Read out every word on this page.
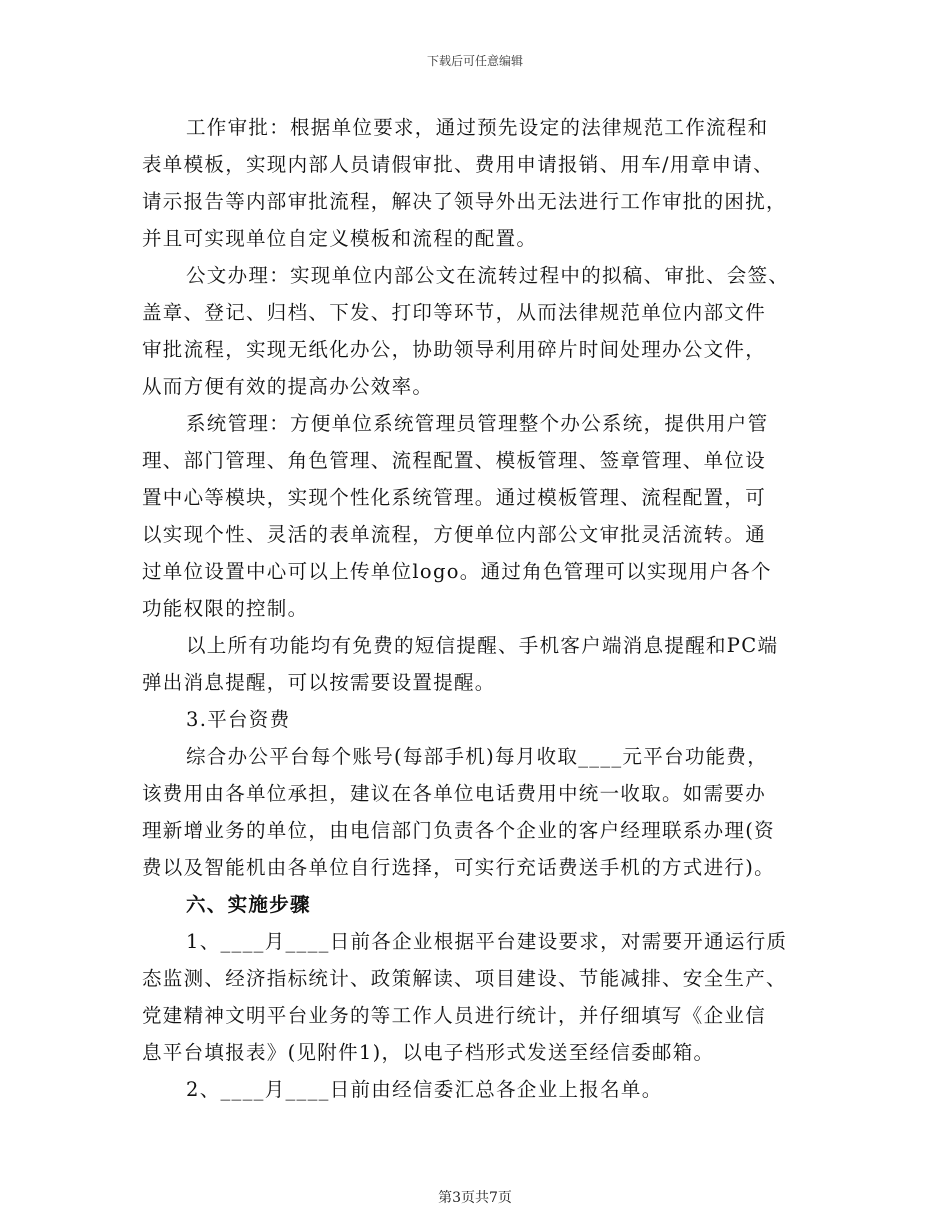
下载后可任意编辑
工作审批：根据单位要求，通过预先设定的法律规范工作流程和
表单模板，实现内部人员请假审批、费用申请报销、用车/用章申请、
请示报告等内部审批流程，解决了领导外出无法进行工作审批的困扰，
并且可实现单位自定义模板和流程的配置。
公文办理：实现单位内部公文在流转过程中的拟稿、审批、会签、
盖章、登记、归档、下发、打印等环节，从而法律规范单位内部文件
审批流程，实现无纸化办公，协助领导利用碎片时间处理办公文件，
从而方便有效的提高办公效率。
系统管理：方便单位系统管理员管理整个办公系统，提供用户管
理、部门管理、角色管理、流程配置、模板管理、签章管理、单位设
置中心等模块，实现个性化系统管理。通过模板管理、流程配置，可
以实现个性、灵活的表单流程，方便单位内部公文审批灵活流转。通
过单位设置中心可以上传单位logo。通过角色管理可以实现用户各个
功能权限的控制。
以上所有功能均有免费的短信提醒、手机客户端消息提醒和PC端
弹出消息提醒，可以按需要设置提醒。
3.平台资费
综合办公平台每个账号(每部手机)每月收取____元平台功能费，
该费用由各单位承担，建议在各单位电话费用中统一收取。如需要办
理新增业务的单位，由电信部门负责各个企业的客户经理联系办理(资
费以及智能机由各单位自行选择，可实行充话费送手机的方式进行)。
六、实施步骤
1、____月____日前各企业根据平台建设要求，对需要开通运行质
态监测、经济指标统计、政策解读、项目建设、节能减排、安全生产、
党建精神文明平台业务的等工作人员进行统计，并仔细填写《企业信
息平台填报表》(见附件1)，以电子档形式发送至经信委邮箱。
2、____月____日前由经信委汇总各企业上报名单。
第3页共7页
